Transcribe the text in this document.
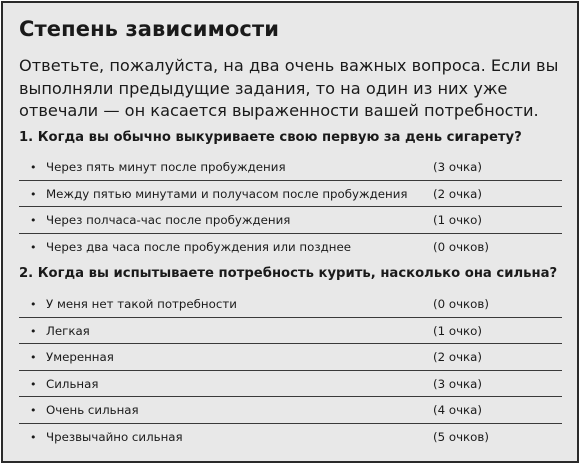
Степень зависимости
Ответьте, пожалуйста, на два очень важных вопроса. Если вы выполняли предыдущие задания, то на один из них уже отвечали — он касается выраженности вашей потребности.
1. Когда вы обычно выкуриваете свою первую за день сигарету?
• Через пять минут после пробуждения	(3 очка)
• Между пятью минутами и получасом после пробуждения (2 очка)
• Через полчаса-час после пробуждения	(1 очко)
• Через два часа после пробуждения или позднее	(0 очков)
2. Когда вы испытываете потребность курить, насколько она сильна?
• У меня нет такой потребности	(0 очков)
• Легкая	(1 очко)
• Умеренная	(2 очка)
• Сильная	(3 очка)
• Очень сильная	(4 очка)
• Чрезвычайно сильная	(5 очков)
